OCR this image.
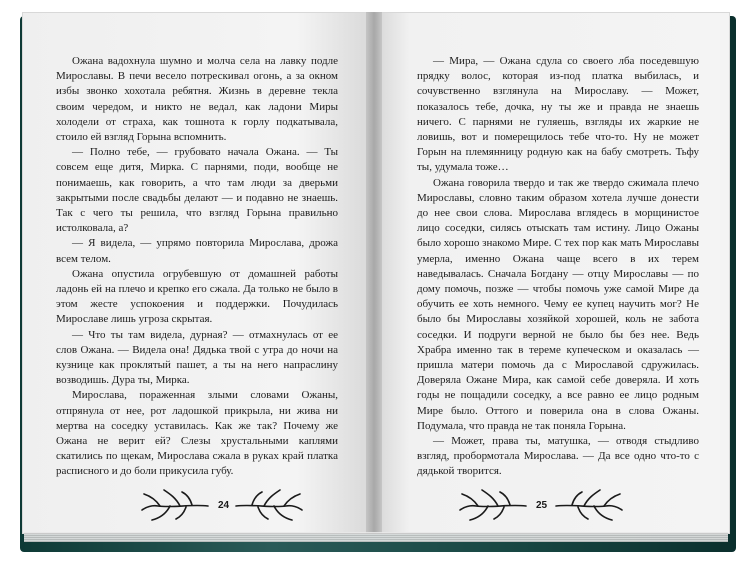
Ожана вадохнула шумно и молча села на лавку подле Мирославы. В печи весело потрескивал огонь, а за окном избы звонко хохотала ребятня. Жизнь в деревне текла своим чередом, и никто не ведал, как ладони Миры холодели от страха, как тошнота к горлу подкатывала, стоило ей взгляд Горына вспомнить.

— Полно тебе, — грубовато начала Ожана. — Ты совсем еще дитя, Мирка. С парнями, поди, вообще не понимаешь, как говорить, а что там люди за дверьми закрытыми после свадьбы делают — и подавно не знаешь. Так с чего ты решила, что взгляд Горына правильно истолковала, а?

— Я видела, — упрямо повторила Мирослава, дрожа всем телом.

Ожана опустила огрубевшую от домашней работы ладонь ей на плечо и крепко его сжала. Да только не было в этом жесте успокоения и поддержки. Почудилась Мирославе лишь угроза скрытая.

— Что ты там видела, дурная? — отмахнулась от ее слов Ожана. — Видела она! Дядька твой с утра до ночи на кузнице как проклятый пашет, а ты на него напраслину возводишь. Дура ты, Мирка.

Мирослава, пораженная злыми словами Ожаны, отпрянула от нее, рот ладошкой прикрыла, ни жива ни мертва на соседку уставилась. Как же так? Почему же Ожана не верит ей? Слезы хрустальными каплями скатились по щекам, Мирослава сжала в руках край платка расписного и до боли прикусила губу.

24

— Мира, — Ожана сдула со своего лба поседевшую прядку волос, которая из-под платка выбилась, и сочувственно взглянула на Мирославу. — Может, показалось тебе, дочка, ну ты же и правда не знаешь ничего. С парнями не гуляешь, взгляды их жаркие не ловишь, вот и померещилось тебе что-то. Ну не может Горын на племянницу родную как на бабу смотреть. Тьфу ты, удумала тоже…

Ожана говорила твердо и так же твердо сжимала плечо Мирославы, словно таким образом хотела лучше донести до нее свои слова. Мирослава вглядесь в морщинистое лицо соседки, силясь отыскать там истину. Лицо Ожаны было хорошо знакомо Мире. С тех пор как мать Мирославы умерла, именно Ожана чаще всего в их терем наведывалась. Сначала Богдану — отцу Мирославы — по дому помочь, позже — чтобы помочь уже самой Мире да обучить ее хоть немного. Чему ее купец научить мог? Не было бы Мирославы хозяйкой хорошей, коль не забота соседки. И подруги верной не было бы без нее. Ведь Храбра именно так в тереме купеческом и оказалась — пришла матери помочь да с Мирославой сдружилась. Доверяла Ожане Мира, как самой себе доверяла. И хоть годы не пощадили соседку, а все равно ее лицо родным Мире было. Оттого и поверила она в слова Ожаны. Подумала, что правда не так поняла Горына.

— Может, права ты, матушка, — отводя стыдливо взгляд, пробормотала Мирослава. — Да все одно что-то с дядькой творится.

25
